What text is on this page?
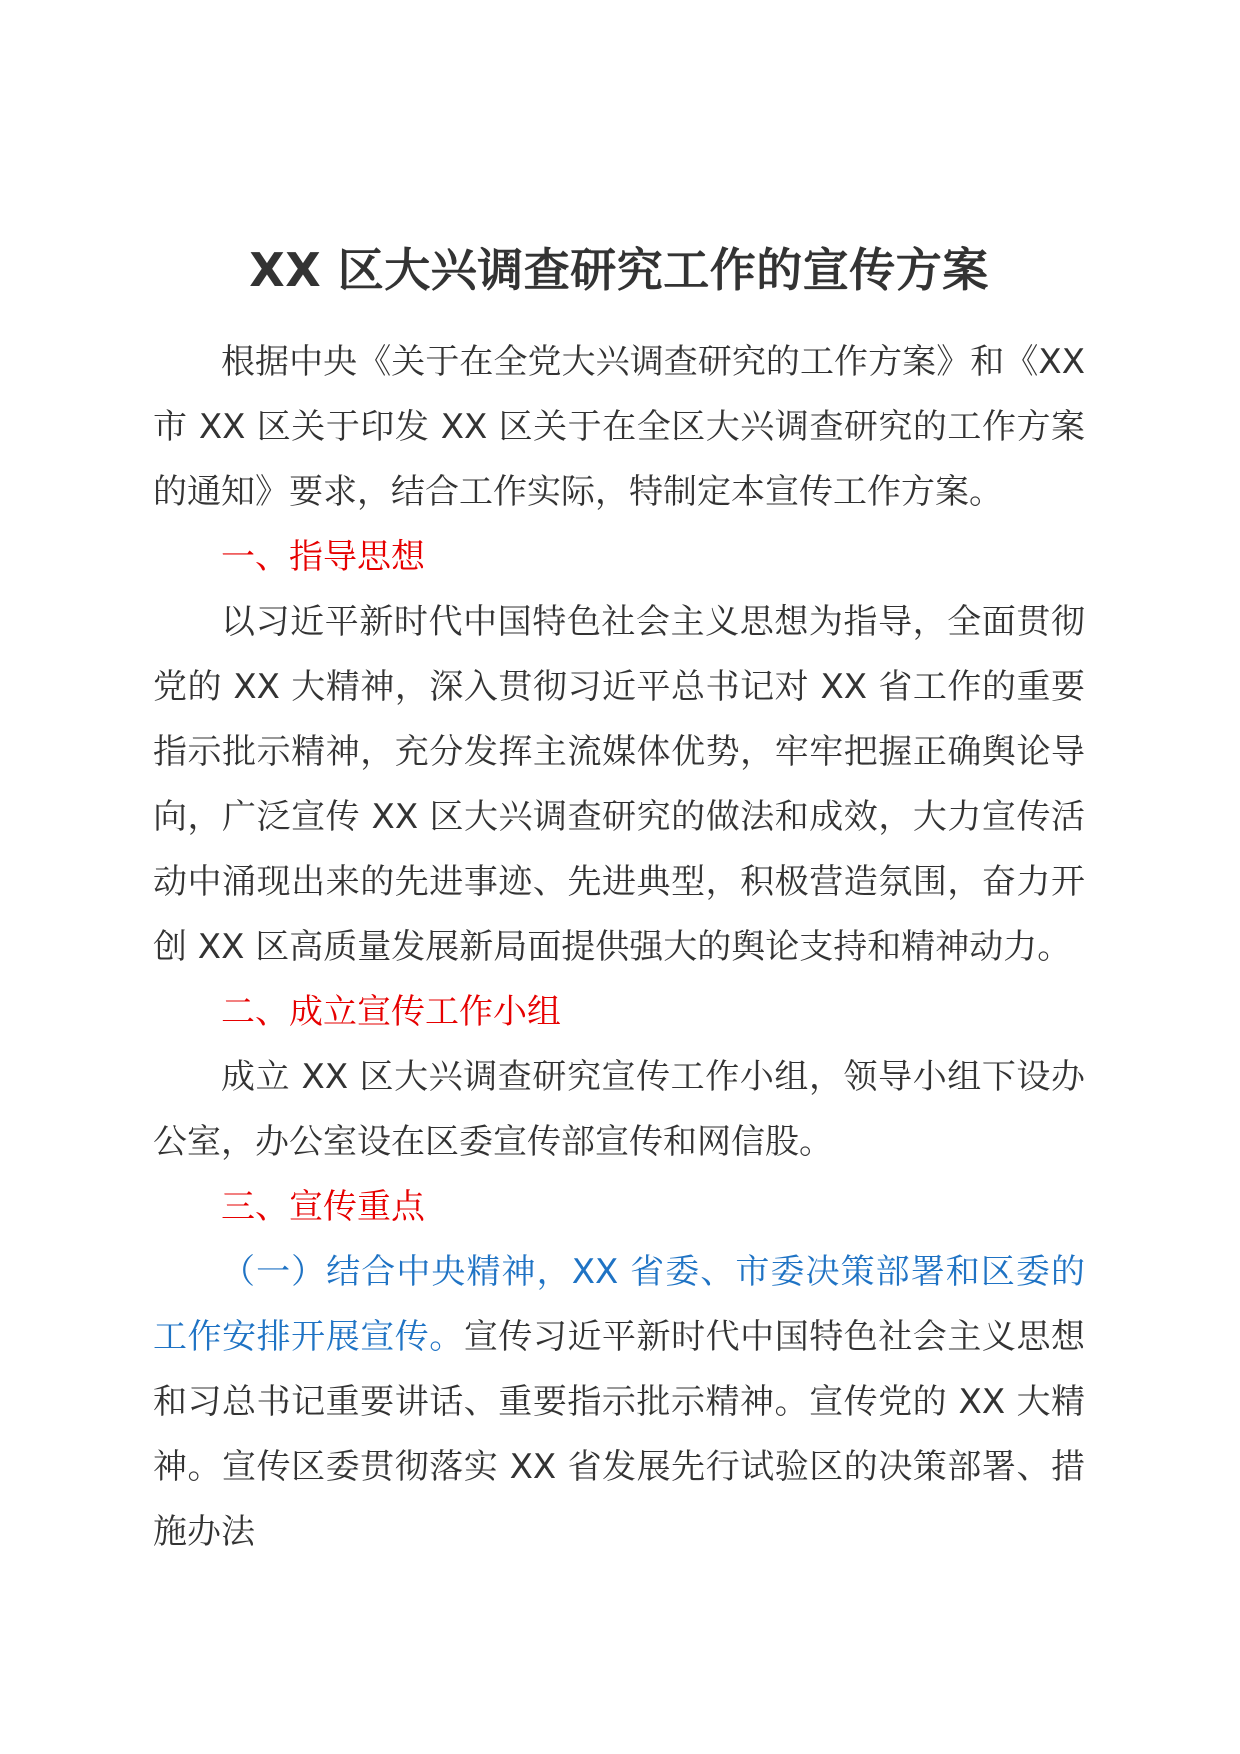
XX 区大兴调查研究工作的宣传方案

根据中央《关于在全党大兴调查研究的工作方案》和《XX 市 XX 区关于印发 XX 区关于在全区大兴调查研究的工作方案的通知》要求，结合工作实际，特制定本宣传工作方案。

一、指导思想

以习近平新时代中国特色社会主义思想为指导，全面贯彻党的 XX 大精神，深入贯彻习近平总书记对 XX 省工作的重要指示批示精神，充分发挥主流媒体优势，牢牢把握正确舆论导向，广泛宣传 XX 区大兴调查研究的做法和成效，大力宣传活动中涌现出来的先进事迹、先进典型，积极营造氛围，奋力开创 XX 区高质量发展新局面提供强大的舆论支持和精神动力。

二、成立宣传工作小组

成立 XX 区大兴调查研究宣传工作小组，领导小组下设办公室，办公室设在区委宣传部宣传和网信股。

三、宣传重点

（一）结合中央精神，XX 省委、市委决策部署和区委的工作安排开展宣传。宣传习近平新时代中国特色社会主义思想和习总书记重要讲话、重要指示批示精神。宣传党的 XX 大精神。宣传区委贯彻落实 XX 省发展先行试验区的决策部署、措施办法
